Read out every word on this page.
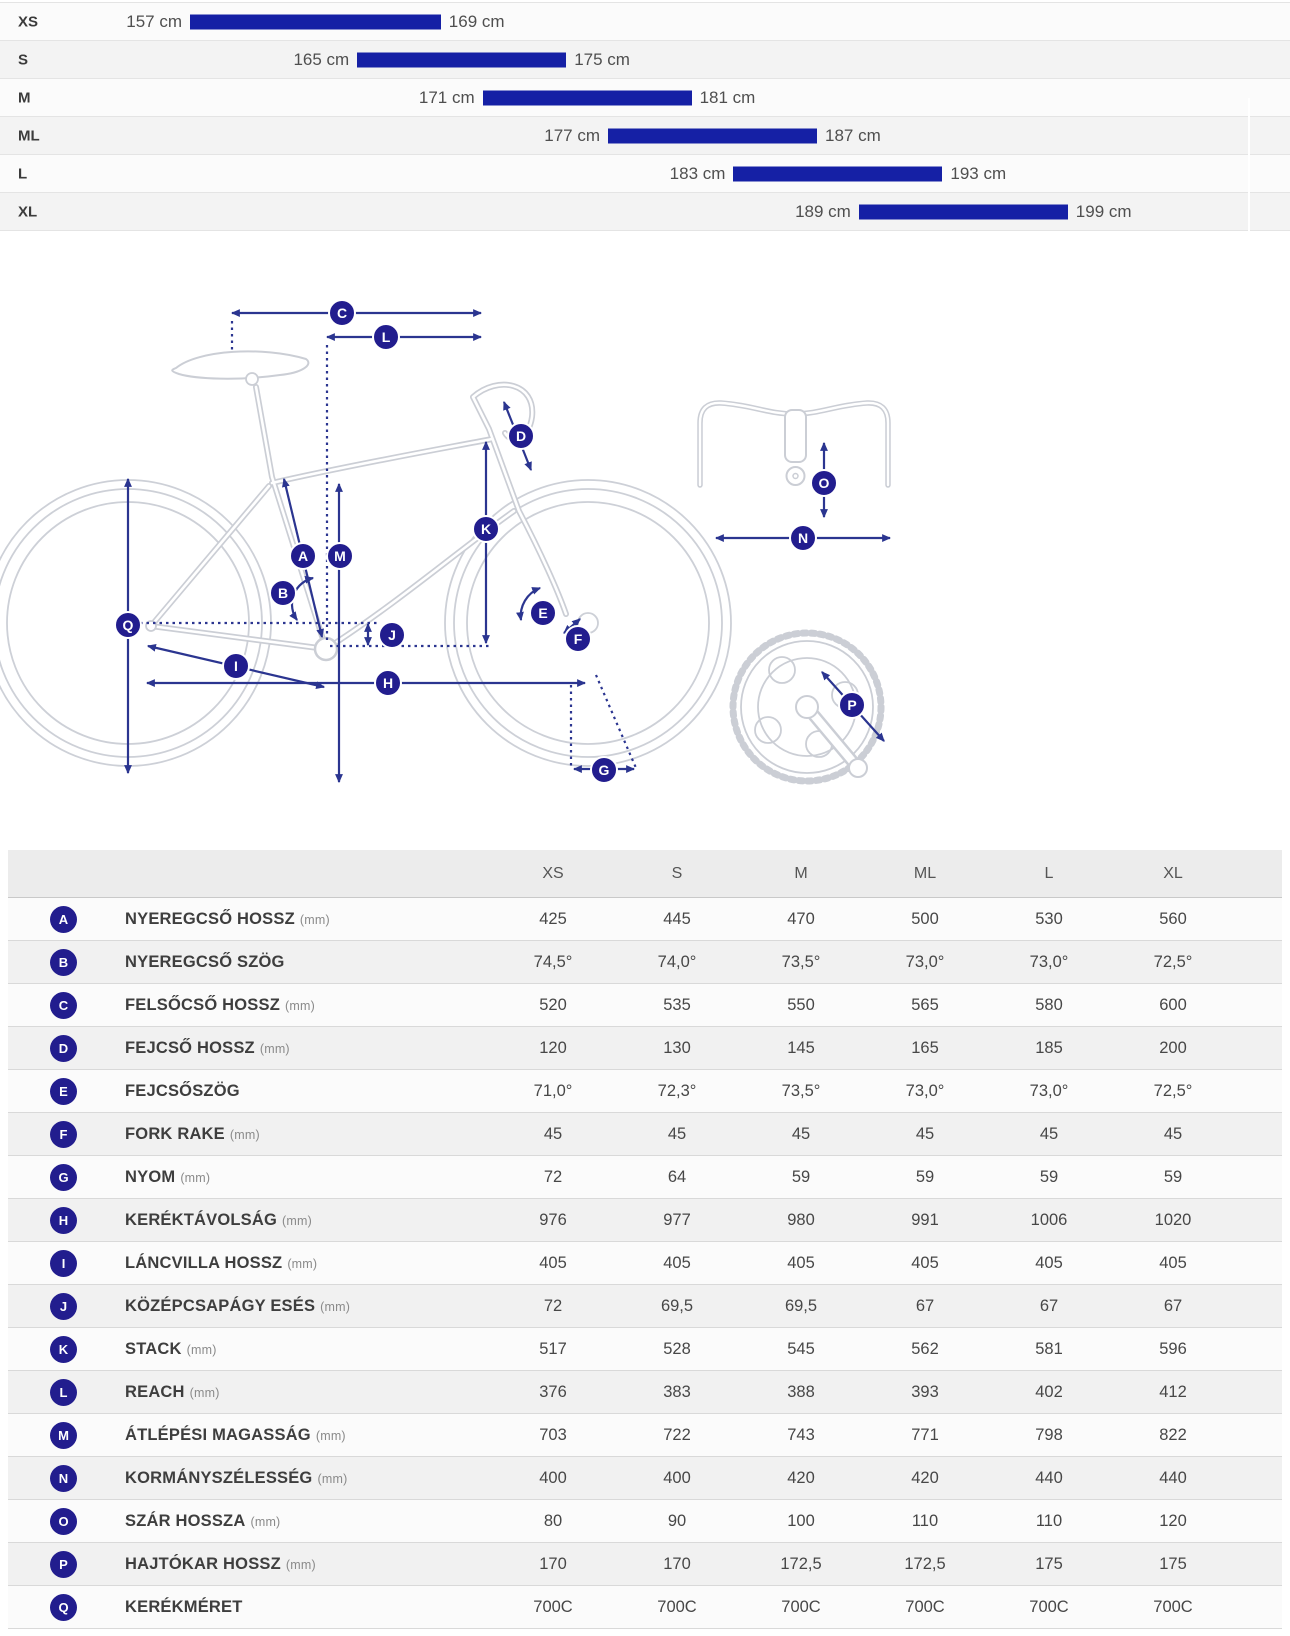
XS	157 cm	169 cm
S	165 cm	175 cm
M	171 cm	181 cm
ML	177 cm	187 cm
L	183 cm	193 cm
XL	189 cm	199 cm
A
B
C
D
E
F
G
H
I
J
K
L
M
N
O
P
Q
XS	S	M	ML	L	XL
A	NYEREGCSŐ HOSSZ (mm)	425	445	470	500	530	560
B	NYEREGCSŐ SZÖG	74,5°	74,0°	73,5°	73,0°	73,0°	72,5°
C	FELSŐCSŐ HOSSZ (mm)	520	535	550	565	580	600
D	FEJCSŐ HOSSZ (mm)	120	130	145	165	185	200
E	FEJCSŐSZÖG	71,0°	72,3°	73,5°	73,0°	73,0°	72,5°
F	FORK RAKE (mm)	45	45	45	45	45	45
G	NYOM (mm)	72	64	59	59	59	59
H	KERÉKTÁVOLSÁG (mm)	976	977	980	991	1006	1020
I	LÁNCVILLA HOSSZ (mm)	405	405	405	405	405	405
J	KÖZÉPCSAPÁGY ESÉS (mm)	72	69,5	69,5	67	67	67
K	STACK (mm)	517	528	545	562	581	596
L	REACH (mm)	376	383	388	393	402	412
M	ÁTLÉPÉSI MAGASSÁG (mm)	703	722	743	771	798	822
N	KORMÁNYSZÉLESSÉG (mm)	400	400	420	420	440	440
O	SZÁR HOSSZA (mm)	80	90	100	110	110	120
P	HAJTÓKAR HOSSZ (mm)	170	170	172,5	172,5	175	175
Q	KERÉKMÉRET	700C	700C	700C	700C	700C	700C
